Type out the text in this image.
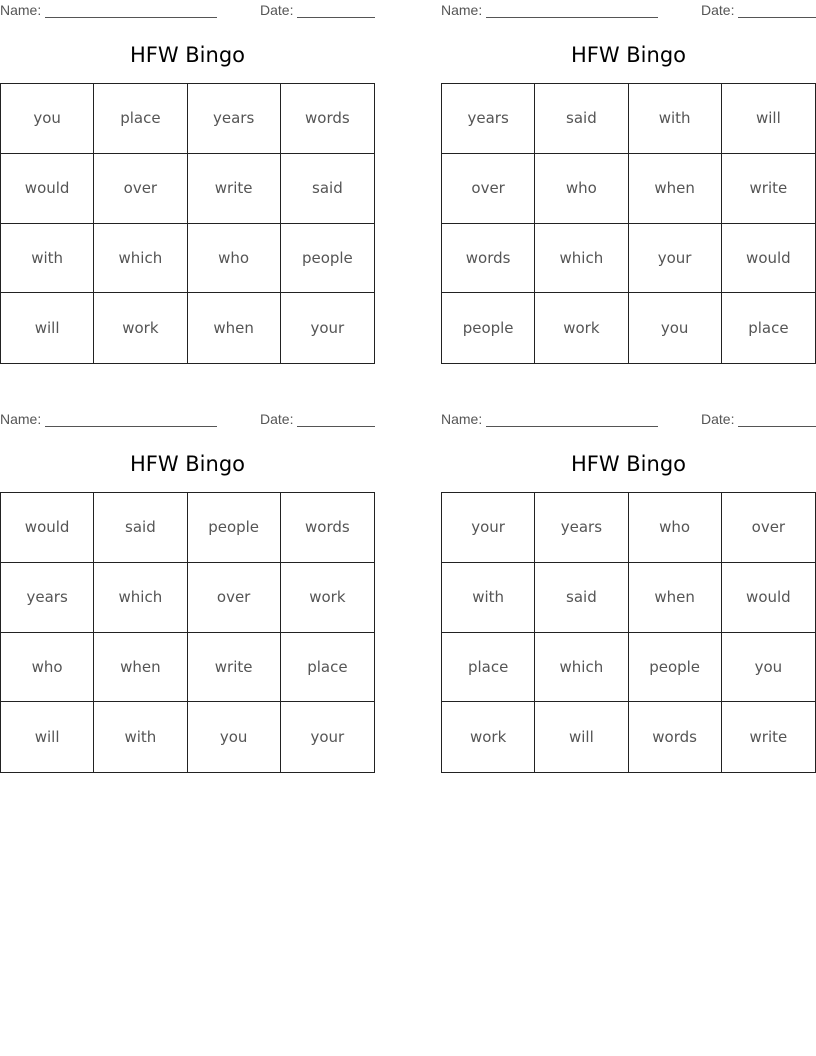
Name:	Date:
HFW Bingo
you	place	years	words
would	over	write	said
with	which	who	people
will	work	when	your
Name:	Date:
HFW Bingo
years	said	with	will
over	who	when	write
words	which	your	would
people	work	you	place
Name:	Date:
HFW Bingo
would	said	people	words
years	which	over	work
who	when	write	place
will	with	you	your
Name:	Date:
HFW Bingo
your	years	who	over
with	said	when	would
place	which	people	you
work	will	words	write
